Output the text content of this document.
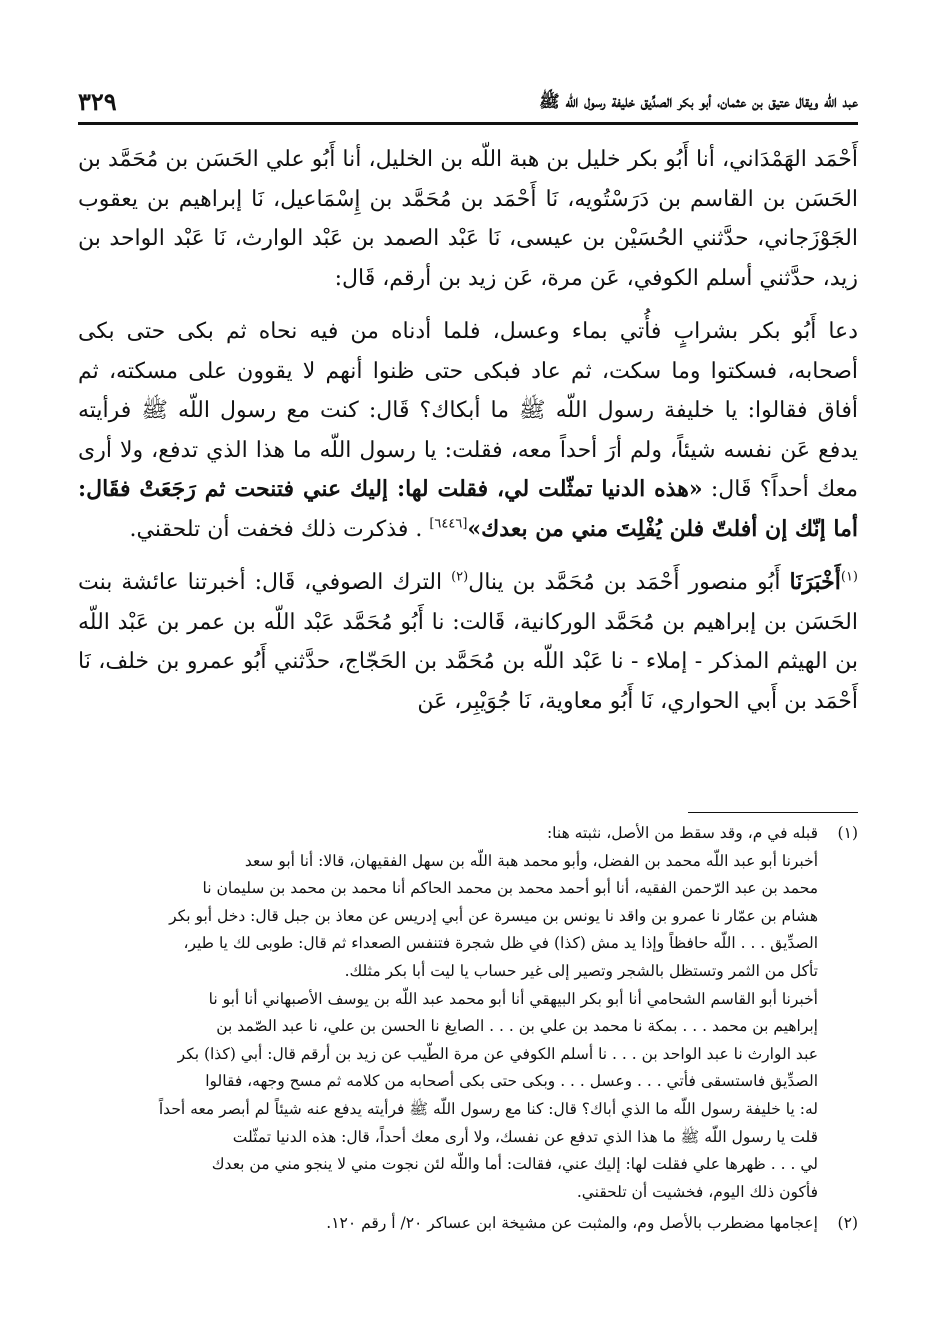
عبد الله ويقال عتيق بن عثمان، أبو بكر الصدِّيق خليفة رسول الله ﷺ
٣٢٩

أَحْمَد الهَمْدَاني، أنا أَبُو بكر خليل بن هبة اللّه بن الخليل، أنا أَبُو علي الحَسَن بن مُحَمَّد بن الحَسَن بن القاسم بن دَرَسْتُويه، نَا أَحْمَد بن مُحَمَّد بن إِسْمَاعيل، نَا إبراهيم بن يعقوب الجَوْزَجاني، حدَّثني الحُسَيْن بن عيسى، نَا عَبْد الصمد بن عَبْد الوارث، نَا عَبْد الواحد بن زيد، حدَّثني أسلم الكوفي، عَن مرة، عَن زيد بن أرقم، قَال:

دعا أَبُو بكر بشرابٍ فأُتي بماء وعسل، فلما أدناه من فيه نحاه ثم بكى حتى بكى أصحابه، فسكتوا وما سكت، ثم عاد فبكى حتى ظنوا أنهم لا يقوون على مسكته، ثم أفاق فقالوا: يا خليفة رسول اللّه ﷺ ما أبكاك؟ قَال: كنت مع رسول اللّه ﷺ فرأيته يدفع عَن نفسه شيئاً، ولم أرَ أحداً معه، فقلت: يا رسول اللّه ما هذا الذي تدفع، ولا أرى معك أحداً؟ قَال: «هذه الدنيا تمثّلت لي، فقلت لها: إليك عني فتنحت ثم رَجَعَتْ فقَال: أما إنّك إن أفلتّ فلن يُفْلِتَ مني من بعدك»[٦٤٤٦] . فذكرت ذلك فخفت أن تلحقني.

$^{(١)}$أَخْبَرَنَا أَبُو منصور أَحْمَد بن مُحَمَّد بن ينال$^{(٢)}$ الترك الصوفي، قَال: أخبرتنا عائشة بنت الحَسَن بن إبراهيم بن مُحَمَّد الوركانية، قَالت: نا أَبُو مُحَمَّد عَبْد اللّه بن عمر بن عَبْد اللّه بن الهيثم المذكر - إملاء - نا عَبْد اللّه بن مُحَمَّد بن الحَجّاج، حدَّثني أَبُو عمرو بن خلف، نَا أَحْمَد بن أَبي الحواري، نَا أَبُو معاوية، نَا جُوَيْبِر، عَن

(١)

قبله في م، وقد سقط من الأصل، نثبته هنا:

أخبرنا أبو عبد اللّه محمد بن الفضل، وأبو محمد هبة اللّه بن سهل الفقيهان، قالا: أنا أبو سعد

محمد بن عبد الرّحمن الفقيه، أنا أبو أحمد محمد بن محمد الحاكم أنا محمد بن محمد بن سليمان نا

هشام بن عمّار نا عمرو بن واقد نا يونس بن ميسرة عن أبي إدريس عن معاذ بن جبل قال: دخل أبو بكر

الصدِّيق . . . اللّه حافظاً وإذا يد مش (كذا) في ظل شجرة فتنفس الصعداء ثم قال: طوبى لك يا طير،

تأكل من الثمر وتستظل بالشجر وتصير إلى غير حساب يا ليت أبا بكر مثلك.

أخبرنا أبو القاسم الشحامي أنا أبو بكر البيهقي أنا أبو محمد عبد اللّه بن يوسف الأصبهاني أنا أبو نا

إبراهيم بن محمد . . . بمكة نا محمد بن علي بن . . . الصايغ نا الحسن بن علي، نا عبد الصّمد بن

عبد الوارث نا عبد الواحد بن . . . نا أسلم الكوفي عن مرة الطّيب عن زيد بن أرقم قال: أبي (كذا) بكر

الصدِّيق فاستسقى فأتي . . . وعسل . . . وبكى حتى بكى أصحابه من كلامه ثم مسح وجهه، فقالوا

له: يا خليفة رسول اللّه ما الذي أباك؟ قال: كنا مع رسول اللّه ﷺ فرأيته يدفع عنه شيئاً لم أبصر معه أحداً

قلت يا رسول اللّه ﷺ ما هذا الذي تدفع عن نفسك، ولا أرى معك أحداً، قال: هذه الدنيا تمثّلت

لي . . . ظهرها علي فقلت لها: إليك عني، فقالت: أما واللّه لئن نجوت مني لا ينجو مني من بعدك

فأكون ذلك اليوم، فخشيت أن تلحقني.

(٢)

إعجامها مضطرب بالأصل وم، والمثبت عن مشيخة ابن عساكر ٢٠/ أ رقم ١٢٠.
